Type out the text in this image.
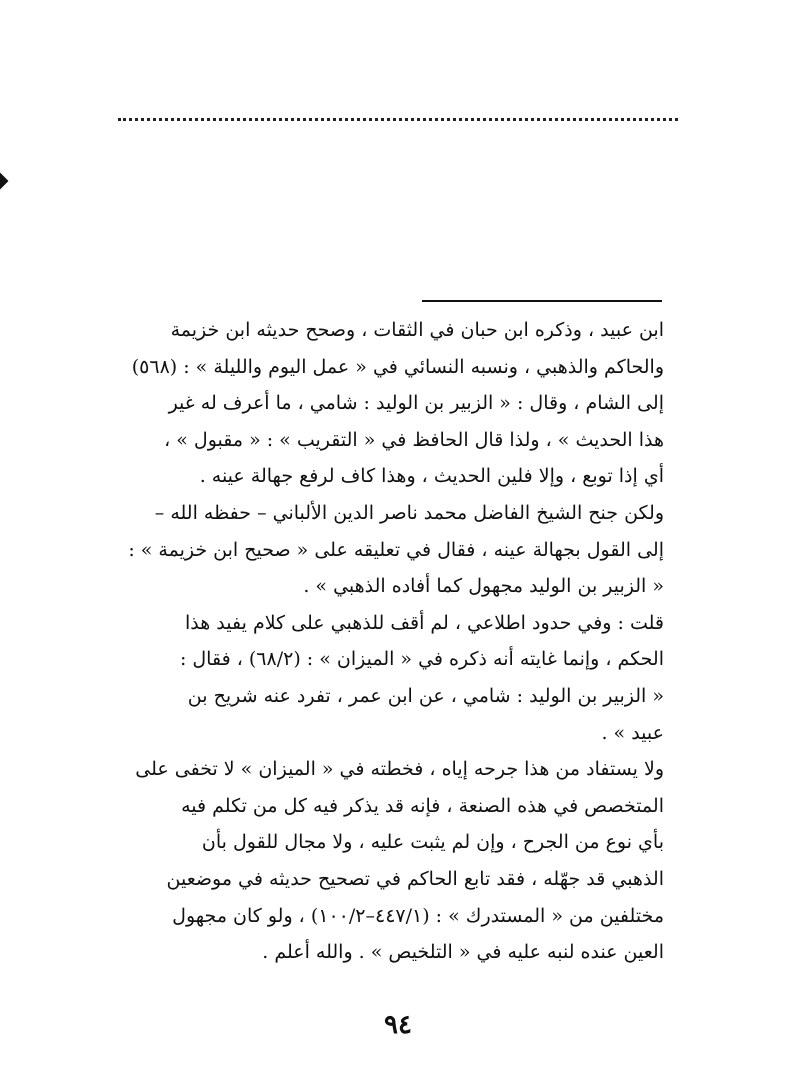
ابن عبيد ، وذكره ابن حبان في الثقات ، وصحح حديثه ابن خزيمة
والحاكم والذهبي ، ونسبه النسائي في « عمل اليوم والليلة » : (٥٦٨)
إلى الشام ، وقال : « الزبير بن الوليد : شامي ، ما أعرف له غير
هذا الحديث » ، ولذا قال الحافظ في « التقريب » : « مقبول » ،
أي إذا توبع ، وإلا فلين الحديث ، وهذا كاف لرفع جهالة عينه .
ولكن جنح الشيخ الفاضل محمد ناصر الدين الألباني – حفظه الله –
إلى القول بجهالة عينه ، فقال في تعليقه على « صحيح ابن خزيمة » :
« الزبير بن الوليد مجهول كما أفاده الذهبي » .
قلت : وفي حدود اطلاعي ، لم أقف للذهبي على كلام يفيد هذا
الحكم ، وإنما غايته أنه ذكره في « الميزان » : (٦٨/٢) ، فقال :
« الزبير بن الوليد : شامي ، عن ابن عمر ، تفرد عنه شريح بن
عبيد » .
ولا يستفاد من هذا جرحه إياه ، فخطته في « الميزان » لا تخفى على
المتخصص في هذه الصنعة ، فإنه قد يذكر فيه كل من تكلم فيه
بأي نوع من الجرح ، وإن لم يثبت عليه ، ولا مجال للقول بأن
الذهبي قد جهّله ، فقد تابع الحاكم في تصحيح حديثه في موضعين
مختلفين من « المستدرك » : (٤٤٧/١–١٠٠/٢) ، ولو كان مجهول
العين عنده لنبه عليه في « التلخيص » . والله أعلم .
٩٤
